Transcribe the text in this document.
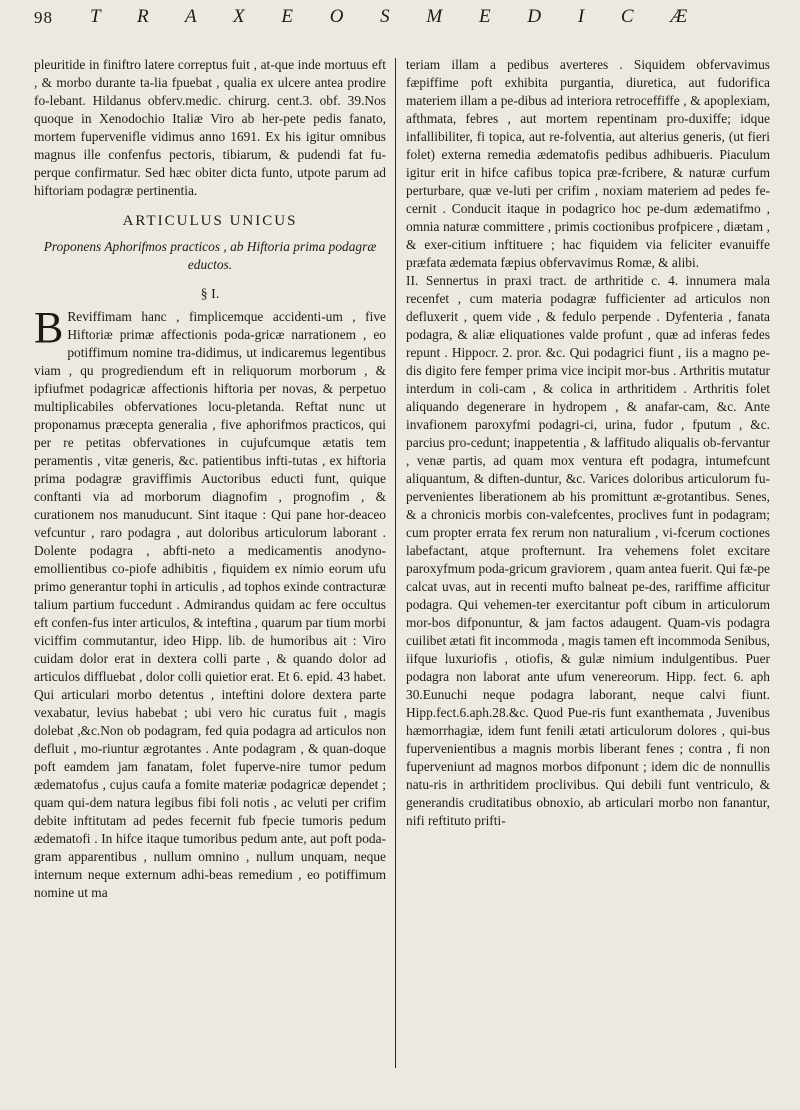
98 T R A X E O S M E D I C Æ

pleuritide in finiftro latere correptus fuit , at-que inde mortuus eft , & morbo durante ta-lia fpuebat , qualia ex ulcere antea prodire fo-lebant. Hildanus obferv.medic. chirurg. cent.3. obf. 39.Nos quoque in Xenodochio Italiæ Viro ab her-pete pedis fanato, mortem fupervenifle vidimus anno 1691. Ex his igitur omnibus magnus ille confenfus pectoris, tibiarum, & pudendi fat fu-perque confirmatur. Sed hæc obiter dicta funto, utpote parum ad hiftoriam podagræ pertinentia.

ARTICULUS UNICUS
Proponens Aphorifmos practicos , ab Hiftoria prima podagræ eductos.
§ I.

B Reviffimam hanc , fimplicemque accidenti-um , five Hiftoriæ primæ affectionis poda-gricæ narrationem , eo potiffimum nomine tra-didimus, ut indicaremus legentibus viam , qu progrediendum eft in reliquorum morborum , & ipfiufmet podagricæ affectionis hiftoria per novas, & perpetuo multiplicabiles obfervationes locu-pletanda. Reftat nunc ut proponamus præcepta generalia , five aphorifmos practicos, qui per re petitas obfervationes in cujufcumque ætatis tem peramentis , vitæ generis, &c. patientibus infti-tutas , ex hiftoria prima podagræ graviffimis Auctoribus educti funt, quique conftanti via ad morborum diagnofim , prognofim , & curationem nos manuducunt. Sint itaque : Qui pane hor-deaceo vefcuntur , raro podagra , aut doloribus articulorum laborant . Dolente podagra , abfti-neto a medicamentis anodyno-emollientibus co-piofe adhibitis , fiquidem ex nimio eorum ufu primo generantur tophi in articulis , ad tophos exinde contracturæ talium partium fuccedunt . Admirandus quidam ac fere occultus eft confen-fus inter articulos, & inteftina , quarum par tium morbi viciffim commutantur, ideo Hipp. lib. de humoribus ait : Viro cuidam dolor erat in dextera colli parte , & quando dolor ad articulos diffluebat , dolor colli quietior erat. Et 6. epid. 43 habet. Qui articulari morbo detentus , inteftini dolore dextera parte vexabatur, levius habebat ; ubi vero hic curatus fuit , magis dolebat ,&c.Non ob podagram, fed quia podagra ad articulos non defluit , mo-riuntur ægrotantes . Ante podagram , & quan-doque poft eamdem jam fanatam, folet fuperve-nire tumor pedum ædematofus , cujus caufa a fomite materiæ podagricæ dependet ; quam qui-dem natura legibus fibi foli notis , ac veluti per crifim debite inftitutam ad pedes fecernit fub fpecie tumoris pedum ædematofi . In hifce itaque tumoribus pedum ante, aut poft poda-gram apparentibus , nullum omnino , nullum unquam, neque internum neque externum adhi-beas remedium , eo potiffimum nomine ut ma

teriam illam a pedibus averteres . Siquidem obfervavimus fæpiffime poft exhibita purgantia, diuretica, aut fudorifica materiem illam a pe-dibus ad interiora retroceffiffe , & apoplexiam, afthmata, febres , aut mortem repentinam pro-duxiffe; idque infallibiliter, fi topica, aut re-folventia, aut alterius generis, (ut fieri folet) externa remedia ædematofis pedibus adhibueris. Piaculum igitur erit in hifce cafibus topica præ-fcribere, & naturæ curfum perturbare, quæ ve-luti per crifim , noxiam materiem ad pedes fe-cernit . Conducit itaque in podagrico hoc pe-dum ædematifmo , omnia naturæ committere , primis coctionibus profpicere , diætam , & exer-citium inftituere ; hac fiquidem via feliciter evanuiffe præfata ædemata fæpius obfervavimus Romæ, & alibi.

II. Sennertus in praxi tract. de arthritide c. 4. innumera mala recenfet , cum materia podagræ fufficienter ad articulos non defluxerit , quem vide , & fedulo perpende . Dyfenteria , fanata podagra, & aliæ eliquationes valde profunt , quæ ad inferas fedes repunt . Hippocr. 2. pror. &c. Qui podagrici fiunt , iis a magno pe-dis digito fere femper prima vice incipit mor-bus . Arthritis mutatur interdum in coli-cam , & colica in arthritidem . Arthritis folet aliquando degenerare in hydropem , & anafar-cam, &c. Ante invafionem paroxyfmi podagri-ci, urina, fudor , fputum , &c. parcius pro-cedunt; inappetentia , & laffitudo aliqualis ob-fervantur , venæ partis, ad quam mox ventura eft podagra, intumefcunt aliquantum, & diften-duntur, &c. Varices doloribus articulorum fu-pervenientes liberationem ab his promittunt æ-grotantibus. Senes, & a chronicis morbis con-valefcentes, proclives funt in podagram; cum propter errata fex rerum non naturalium , vi-fcerum coctiones labefactant, atque profternunt. Ira vehemens folet excitare paroxyfmum poda-gricum graviorem , quam antea fuerit. Qui fæ-pe calcat uvas, aut in recenti mufto balneat pe-des, rariffime afficitur podagra. Qui vehemen-ter exercitantur poft cibum in articulorum mor-bos difponuntur, & jam factos adaugent. Quam-vis podagra cuilibet ætati fit incommoda , magis tamen eft incommoda Senibus, iifque luxuriofis , otiofis, & gulæ nimium indulgentibus. Puer podagra non laborat ante ufum venereorum. Hipp. fect. 6. aph 30.Eunuchi neque podagra laborant, neque calvi fiunt. Hipp.fect.6.aph.28.&c. Quod Pue-ris funt exanthemata , Juvenibus hæmorrhagiæ, idem funt fenili ætati articulorum dolores , qui-bus fupervenientibus a magnis morbis liberant fenes ; contra , fi non fuperveniunt ad magnos morbos difponunt ; idem dic de nonnullis natu-ris in arthritidem proclivibus. Qui debili funt ventriculo, & generandis cruditatibus obnoxio, ab articulari morbo non fanantur, nifi reftituto prifti-
